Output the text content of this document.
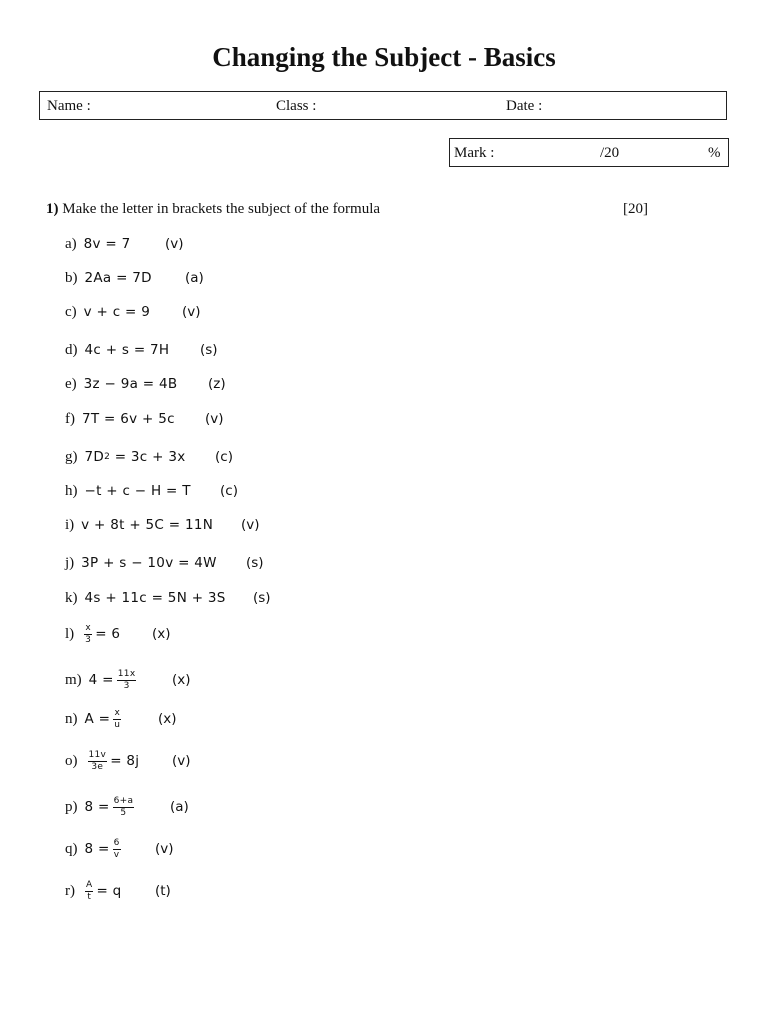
Changing the Subject - Basics
Name :	Class :	Date :
Mark :	/20	%
1) Make the letter in brackets the subject of the formula	[20]
a) 8v = 7	(v)
b) 2Aa = 7D (a)
c) v + c = 9 (v)
d) 4c + s = 7H (s)
e) 3z − 9a = 4B (z)
f) 7T = 6v + 5c (v)
g) 7D 2 = 3c + 3x (c)
h) −t + c − H = T (c)
i) v + 8t + 5C = 11N (v)
j) 3P + s − 10v = 4W (s)
k) 4s + 11c = 5N + 3S (s)
$l) \frac{x}{3} = 6$ (x)
m) $4 = \frac{11x}{3}$	(x)
n) $A = \frac{x}{u}$	(x)
$o) \frac{11v}{3e} = 8j$ (v)
p) $8 = \frac{6+a}{5}$	(a)
q) $8 = \frac{6}{v}$	(v)
$r) \frac{A}{t} = q$ (t)
